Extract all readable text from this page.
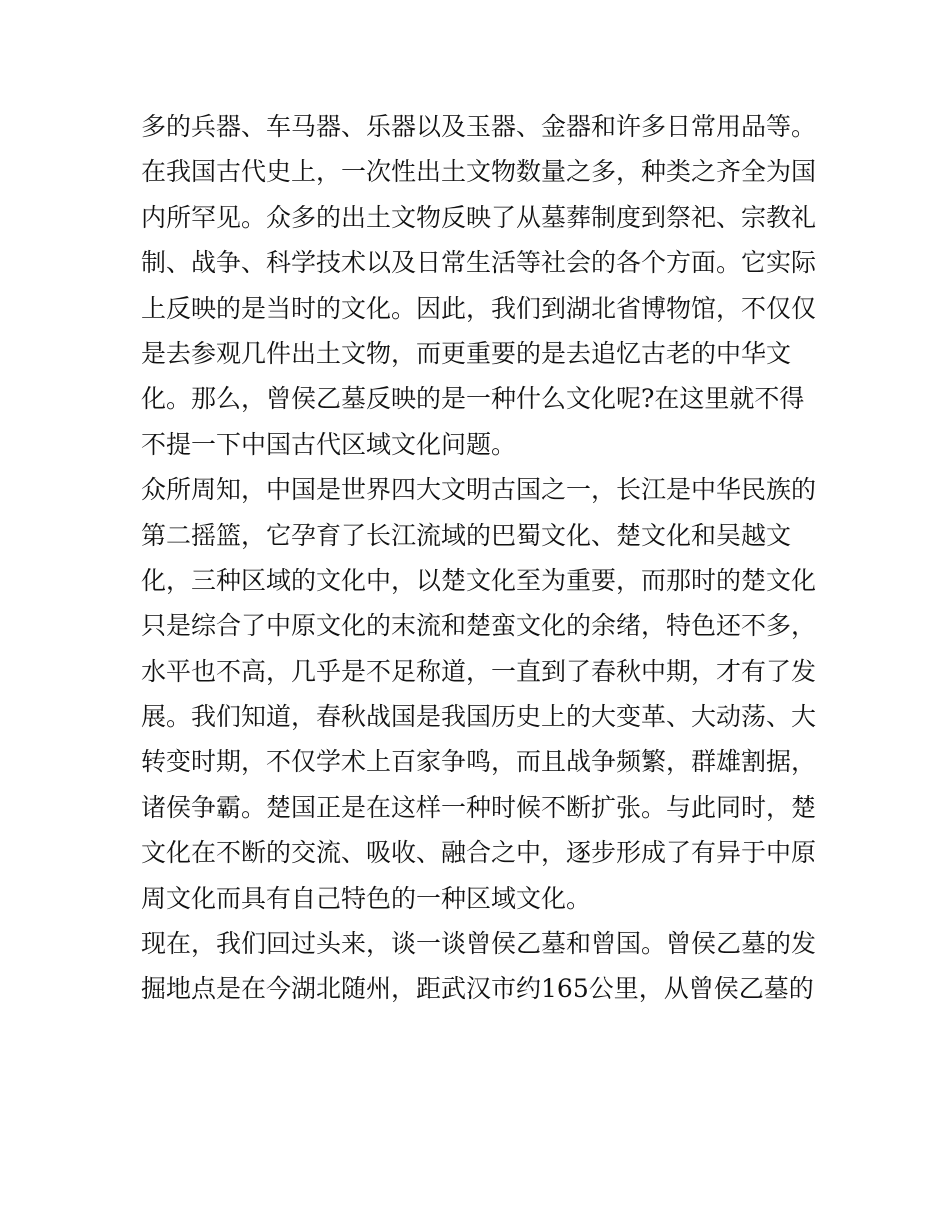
多的兵器、车马器、乐器以及玉器、金器和许多日常用品等。
在我国古代史上，一次性出土文物数量之多，种类之齐全为国
内所罕见。众多的出土文物反映了从墓葬制度到祭祀、宗教礼
制、战争、科学技术以及日常生活等社会的各个方面。它实际
上反映的是当时的文化。因此，我们到湖北省博物馆，不仅仅
是去参观几件出土文物，而更重要的是去追忆古老的中华文
化。那么，曾侯乙墓反映的是一种什么文化呢?在这里就不得
不提一下中国古代区域文化问题。
众所周知，中国是世界四大文明古国之一，长江是中华民族的
第二摇篮，它孕育了长江流域的巴蜀文化、楚文化和吴越文
化，三种区域的文化中，以楚文化至为重要，而那时的楚文化
只是综合了中原文化的末流和楚蛮文化的余绪，特色还不多，
水平也不高，几乎是不足称道，一直到了春秋中期，才有了发
展。我们知道，春秋战国是我国历史上的大变革、大动荡、大
转变时期，不仅学术上百家争鸣，而且战争频繁，群雄割据，
诸侯争霸。楚国正是在这样一种时候不断扩张。与此同时，楚
文化在不断的交流、吸收、融合之中，逐步形成了有异于中原
周文化而具有自己特色的一种区域文化。
现在，我们回过头来，谈一谈曾侯乙墓和曾国。曾侯乙墓的发
掘地点是在今湖北随州，距武汉市约165公里，从曾侯乙墓的
